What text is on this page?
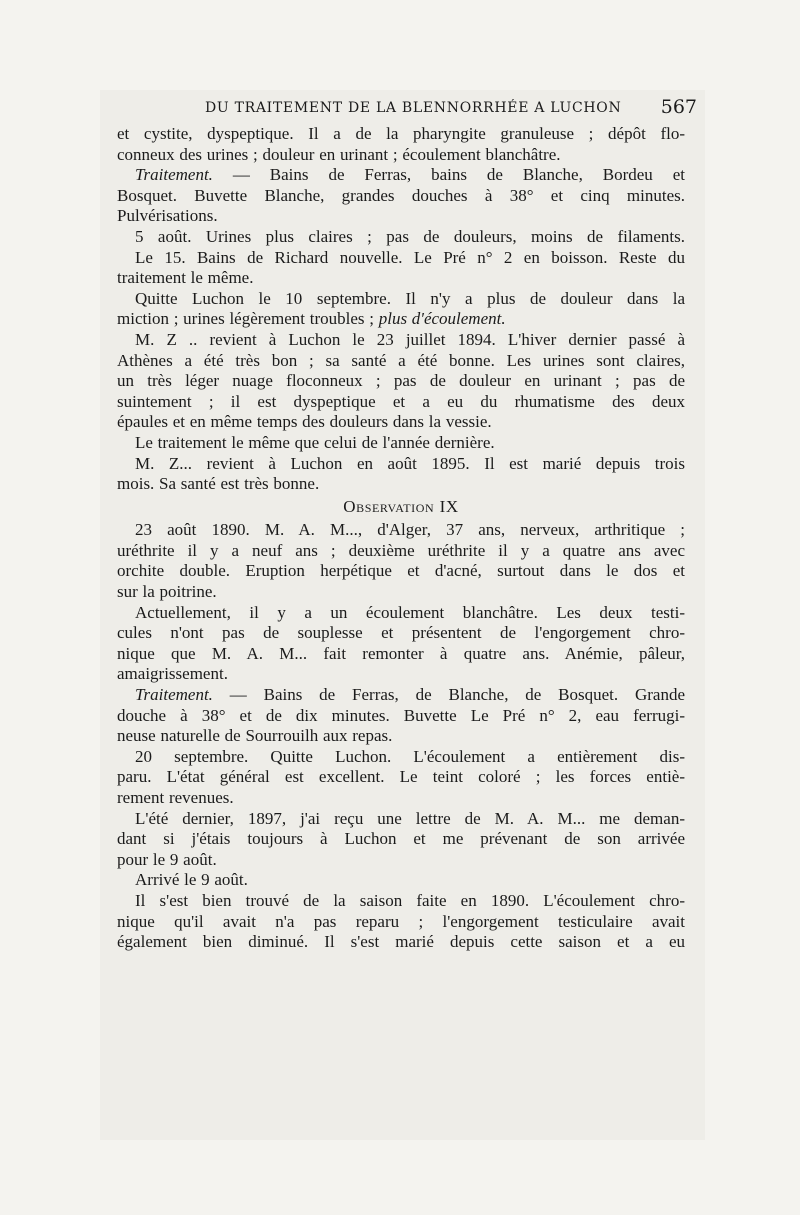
DU TRAITEMENT DE LA BLENNORRHÉE A LUCHON 567
et cystite, dyspeptique. Il a de la pharyngite granuleuse ; dépôt flo-
conneux des urines ; douleur en urinant ; écoulement blanchâtre.
Traitement. — Bains de Ferras, bains de Blanche, Bordeu et
Bosquet. Buvette Blanche, grandes douches à 38° et cinq minutes.
Pulvérisations.
5 août. Urines plus claires ; pas de douleurs, moins de filaments.
Le 15. Bains de Richard nouvelle. Le Pré n° 2 en boisson. Reste du
traitement le même.
Quitte Luchon le 10 septembre. Il n'y a plus de douleur dans la
miction ; urines légèrement troubles ; plus d'écoulement.
M. Z .. revient à Luchon le 23 juillet 1894. L'hiver dernier passé à
Athènes a été très bon ; sa santé a été bonne. Les urines sont claires,
un très léger nuage floconneux ; pas de douleur en urinant ; pas de
suintement ; il est dyspeptique et a eu du rhumatisme des deux
épaules et en même temps des douleurs dans la vessie.
Le traitement le même que celui de l'année dernière.
M. Z... revient à Luchon en août 1895. Il est marié depuis trois
mois. Sa santé est très bonne.
Observation IX
23 août 1890. M. A. M..., d'Alger, 37 ans, nerveux, arthritique ;
uréthrite il y a neuf ans ; deuxième uréthrite il y a quatre ans avec
orchite double. Eruption herpétique et d'acné, surtout dans le dos et
sur la poitrine.
Actuellement, il y a un écoulement blanchâtre. Les deux testi-
cules n'ont pas de souplesse et présentent de l'engorgement chro-
nique que M. A. M... fait remonter à quatre ans. Anémie, pâleur,
amaigrissement.
Traitement. — Bains de Ferras, de Blanche, de Bosquet. Grande
douche à 38° et de dix minutes. Buvette Le Pré n° 2, eau ferrugi-
neuse naturelle de Sourrouilh aux repas.
20 septembre. Quitte Luchon. L'écoulement a entièrement dis-
paru. L'état général est excellent. Le teint coloré ; les forces entiè-
rement revenues.
L'été dernier, 1897, j'ai reçu une lettre de M. A. M... me deman-
dant si j'étais toujours à Luchon et me prévenant de son arrivée
pour le 9 août.
Arrivé le 9 août.
Il s'est bien trouvé de la saison faite en 1890. L'écoulement chro-
nique qu'il avait n'a pas reparu ; l'engorgement testiculaire avait
également bien diminué. Il s'est marié depuis cette saison et a eu
